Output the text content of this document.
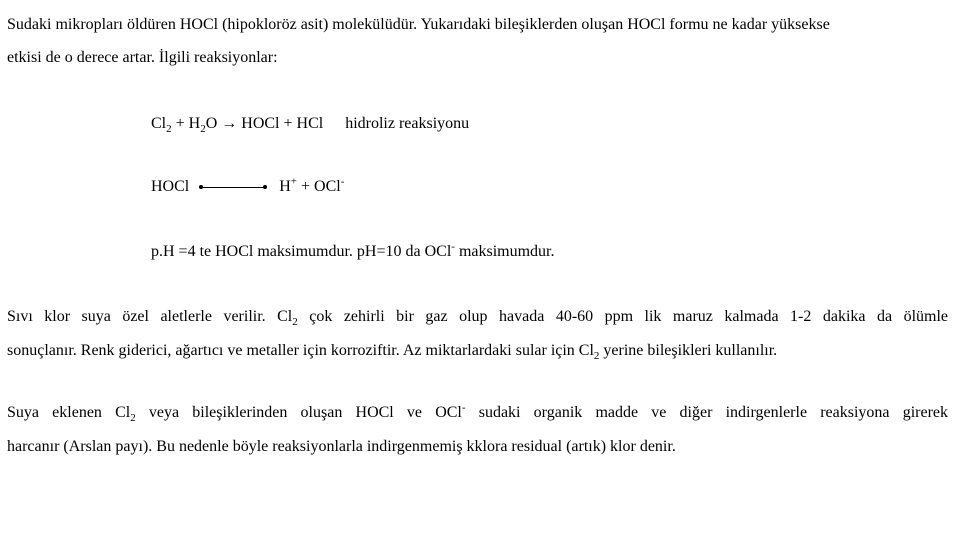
Sudaki mikropları öldüren HOCl (hipokloröz asit) molekülüdür. Yukarıdaki bileşiklerden oluşan HOCl formu ne kadar yüksekse
etkisi de o derece artar. İlgili reaksiyonlar:
$Cl_2 + H_2O$ → HOCl + HCl hidroliz reaksiyonu
HOCl	H+ + OCl-
p.H =4 te HOCl maksimumdur. pH=10 da OCl- maksimumdur.
Sıvı klor suya özel aletlerle verilir. $Cl_2$ çok zehirli bir gaz olup havada 40-60 ppm lik maruz kalmada 1-2 dakika da ölümle
sonuçlanır. Renk giderici, ağartıcı ve metaller için korroziftir. Az miktarlardaki sular için $Cl_2$ yerine bileşikleri kullanılır.
Suya eklenen $Cl_2$ veya bileşiklerinden oluşan HOCl ve OCl- sudaki organik madde ve diğer indirgenlerle reaksiyona girerek
harcanır (Arslan payı). Bu nedenle böyle reaksiyonlarla indirgenmemiş kklora residual (artık) klor denir.
